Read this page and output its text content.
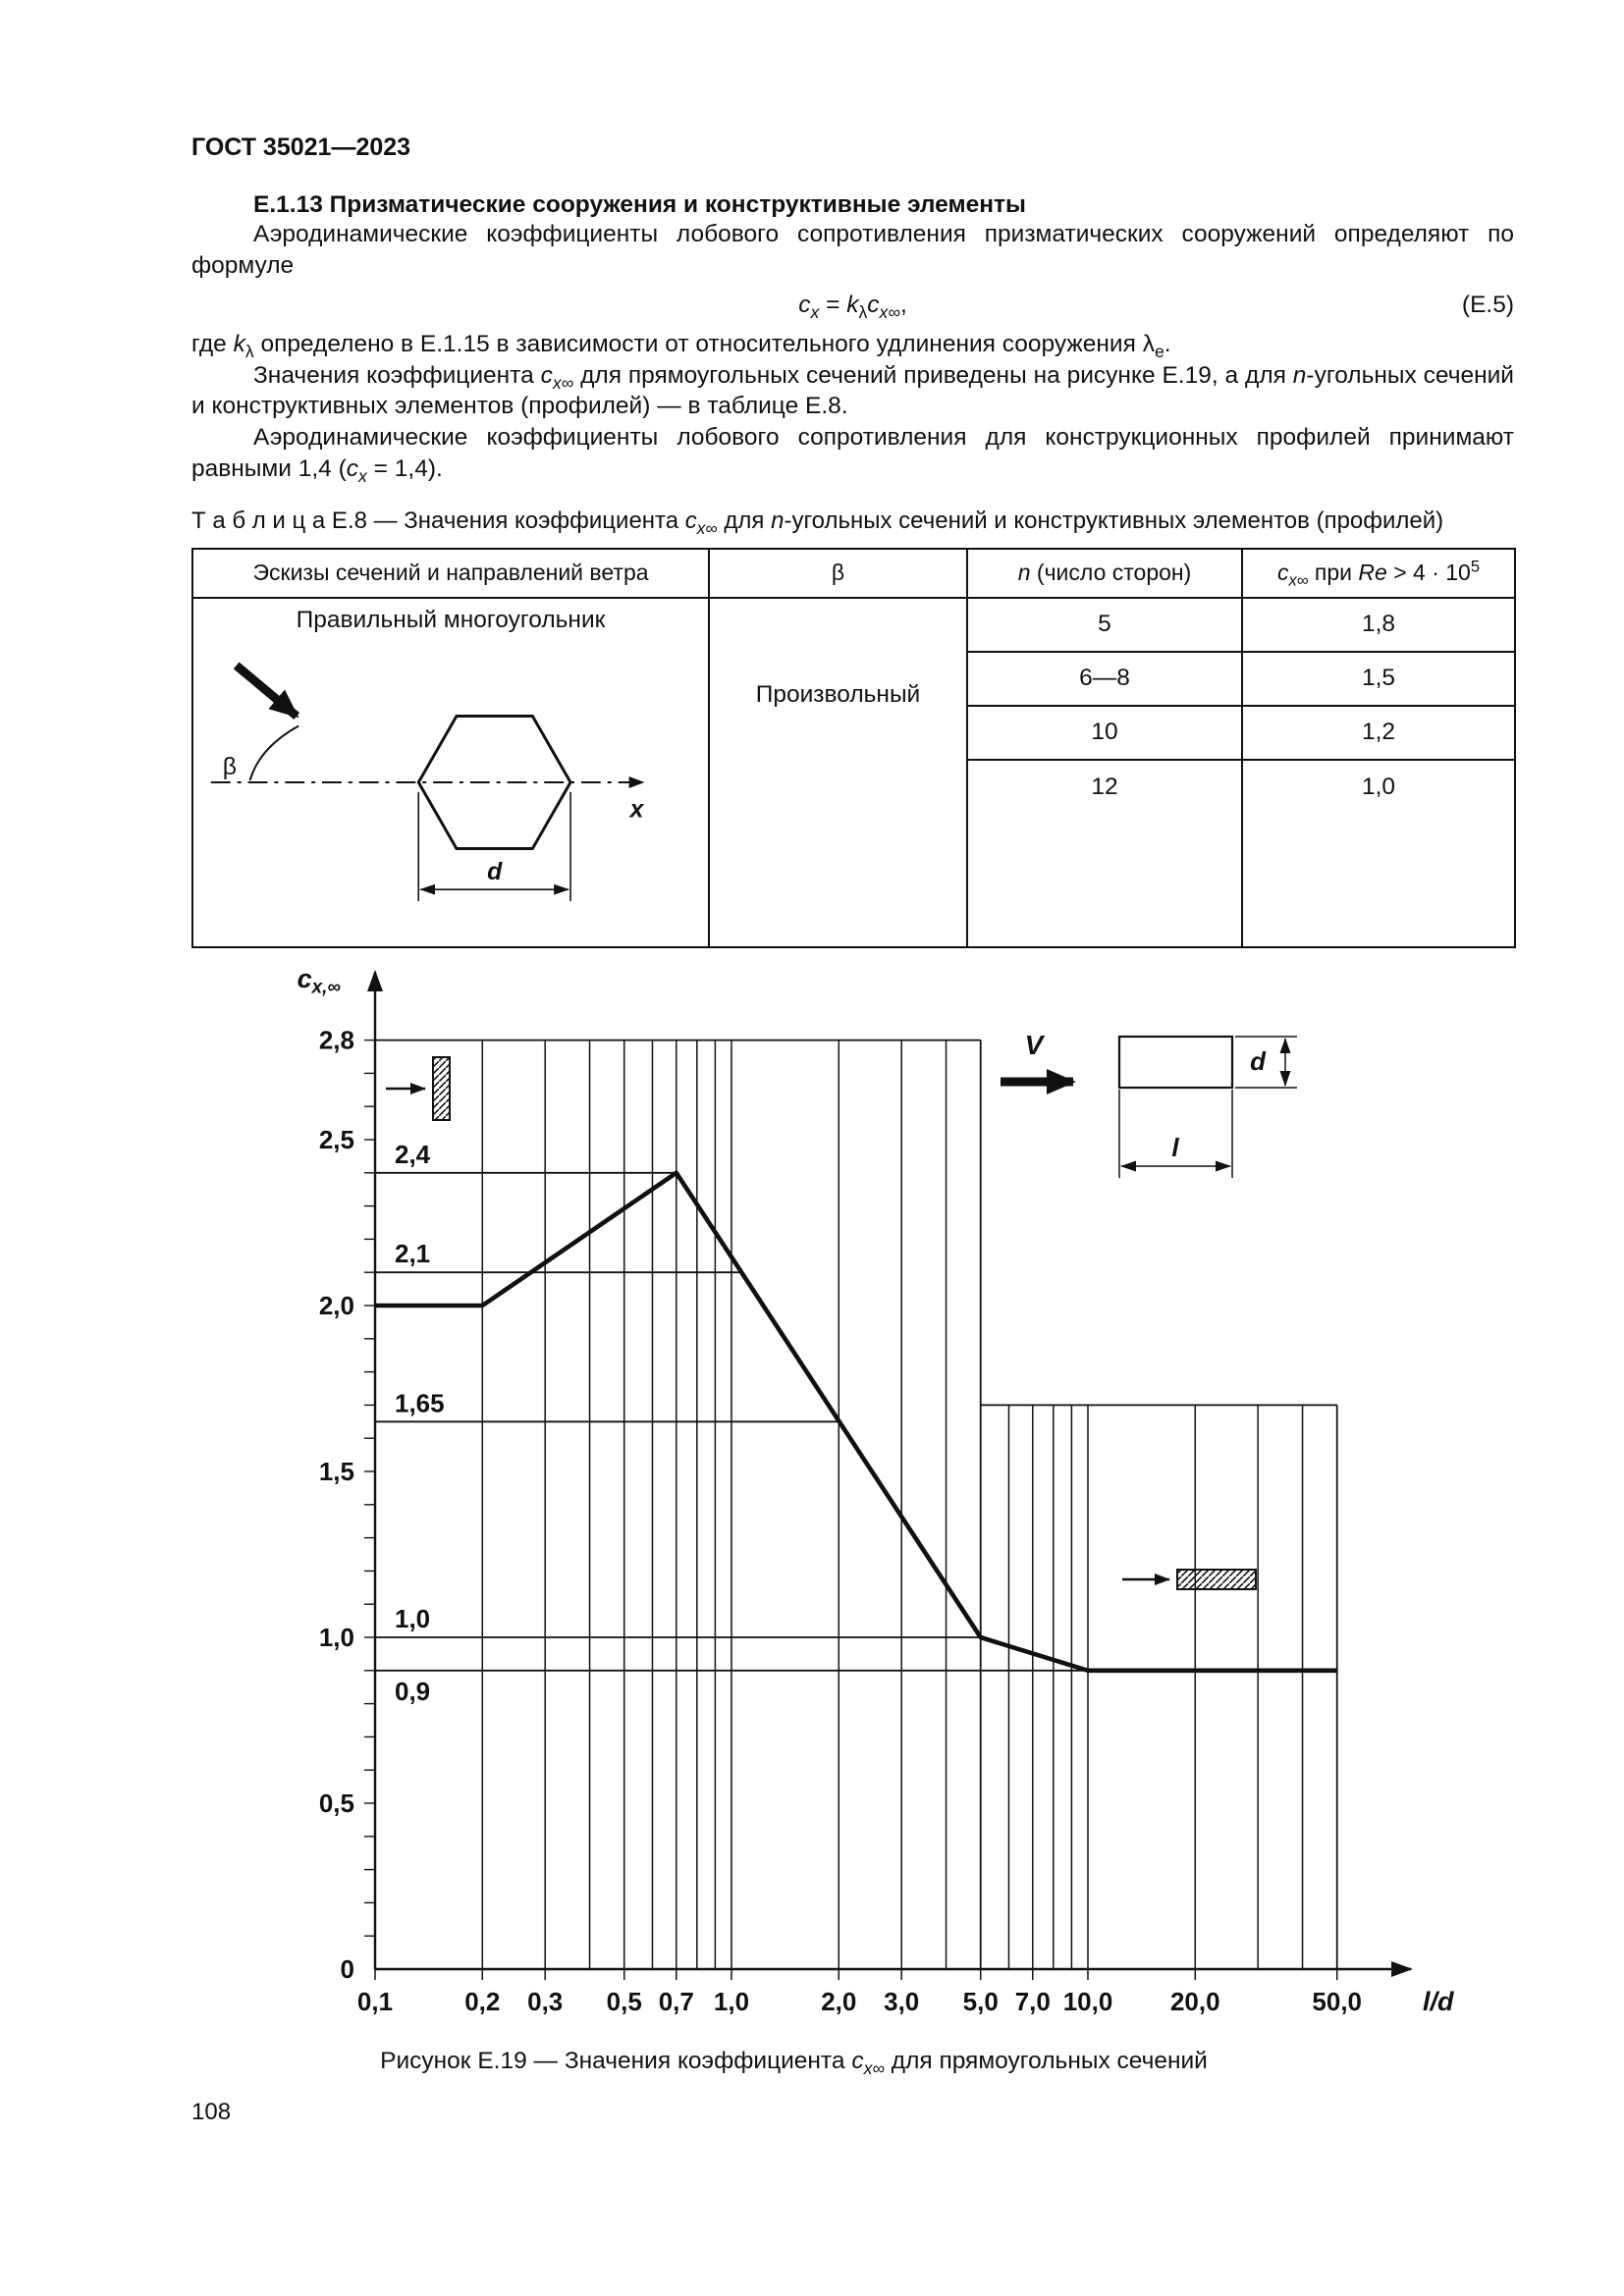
ГОСТ 35021—2023
Е.1.13 Призматические сооружения и конструктивные элементы

Аэродинамические коэффициенты лобового сопротивления призматических сооружений определяют по формуле

$c_x = k_\lambda c_{x\infty}$,	(Е.5)

где $k_\lambda$ определено в Е.1.15 в зависимости от относительного удлинения сооружения $\lambda_е$.

Значения коэффициента $c_{x\infty}$ для прямоугольных сечений приведены на рисунке Е.19, а для n-угольных сечений и конструктивных элементов (профилей) — в таблице Е.8.

Аэродинамические коэффициенты лобового сопротивления для конструкционных профилей принимают равными 1,4 $(c_x = 1,4)$.

Т а б л и ц а Е.8 — Значения коэффициента $c_{x\infty}$ для n-угольных сечений и конструктивных элементов (профилей)

Эскизы сечений и направлений ветра	β	n (число сторон)	$c_{x\infty}$ при $Re > 4 \cdot 10^5$

Правильный многоугольник
x
β
d	Произвольный	5	1,8
		6—8	1,5
		10	1,2
		12	1,0

2,4
2,1
1,65
1,0
0,9
0
0,5
1,0
1,5
2,0
2,5
2,8
0,1	0,2 0,3 0,5 0,7 1,0	2,0 3,0 5,0 7,0 10,0 20,0	50,0
$c_{x,\infty}$
l/d
V
d
l
Рисунок Е.19 — Значения коэффициента $c_{x\infty}$ для прямоугольных сечений
108
